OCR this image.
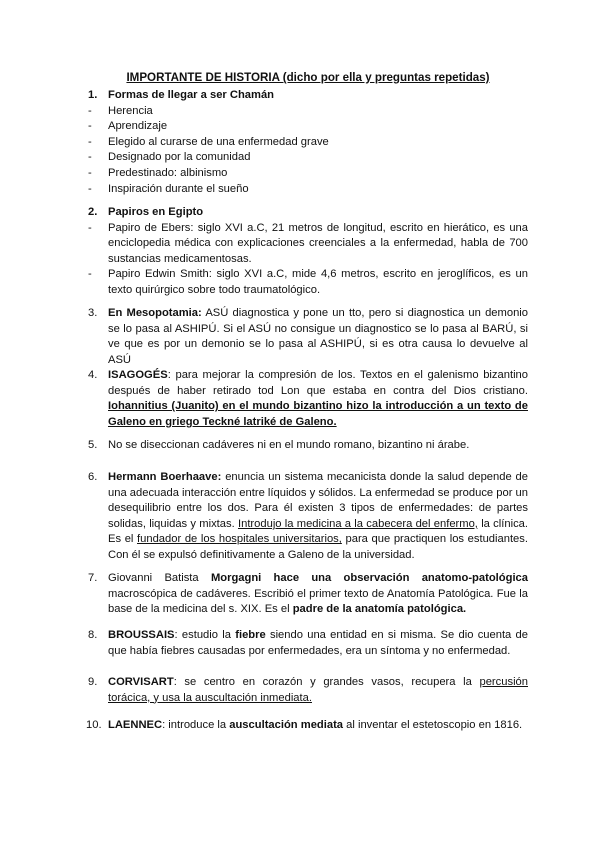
IMPORTANTE DE HISTORIA (dicho por ella y preguntas repetidas)
1. Formas de llegar a ser Chamán
- Herencia
- Aprendizaje
- Elegido al curarse de una enfermedad grave
- Designado por la comunidad
- Predestinado: albinismo
- Inspiración durante el sueño
2. Papiros en Egipto
- Papiro de Ebers: siglo XVI a.C, 21 metros de longitud, escrito en hierático, es una enciclopedia médica con explicaciones creenciales a la enfermedad, habla de 700 sustancias medicamentosas.
- Papiro Edwin Smith: siglo XVI a.C, mide 4,6 metros, escrito en jeroglíficos, es un texto quirúrgico sobre todo traumatológico.
3. En Mesopotamia: ASÚ diagnostica y pone un tto, pero si diagnostica un demonio se lo pasa al ASHIPÚ. Si el ASÚ no consigue un diagnostico se lo pasa al BARÚ, si ve que es por un demonio se lo pasa al ASHIPÚ, si es otra causa lo devuelve al ASÚ
4. ISAGOGÉS: para mejorar la compresión de los. Textos en el galenismo bizantino después de haber retirado tod Lon que estaba en contra del Dios cristiano. Iohannitius (Juanito) en el mundo bizantino hizo la introducción a un texto de Galeno en griego Teckné latriké de Galeno.
5. No se diseccionan cadáveres ni en el mundo romano, bizantino ni árabe.
6. Hermann Boerhaave: enuncia un sistema mecanicista donde la salud depende de una adecuada interacción entre líquidos y sólidos. La enfermedad se produce por un desequilibrio entre los dos. Para él existen 3 tipos de enfermedades: de partes solidas, liquidas y mixtas. Introdujo la medicina a la cabecera del enfermo, la clínica. Es el fundador de los hospitales universitarios, para que practiquen los estudiantes. Con él se expulsó definitivamente a Galeno de la universidad.
7. Giovanni Batista Morgagni hace una observación anatomo-patológica macroscópica de cadáveres. Escribió el primer texto de Anatomía Patológica. Fue la base de la medicina del s. XIX. Es el padre de la anatomía patológica.
8. BROUSSAIS: estudio la fiebre siendo una entidad en si misma. Se dio cuenta de que había fiebres causadas por enfermedades, era un síntoma y no enfermedad.
9. CORVISART: se centro en corazón y grandes vasos, recupera la percusión torácica, y usa la auscultación inmediata.
10. LAENNEC: introduce la auscultación mediata al inventar el estetoscopio en 1816.
